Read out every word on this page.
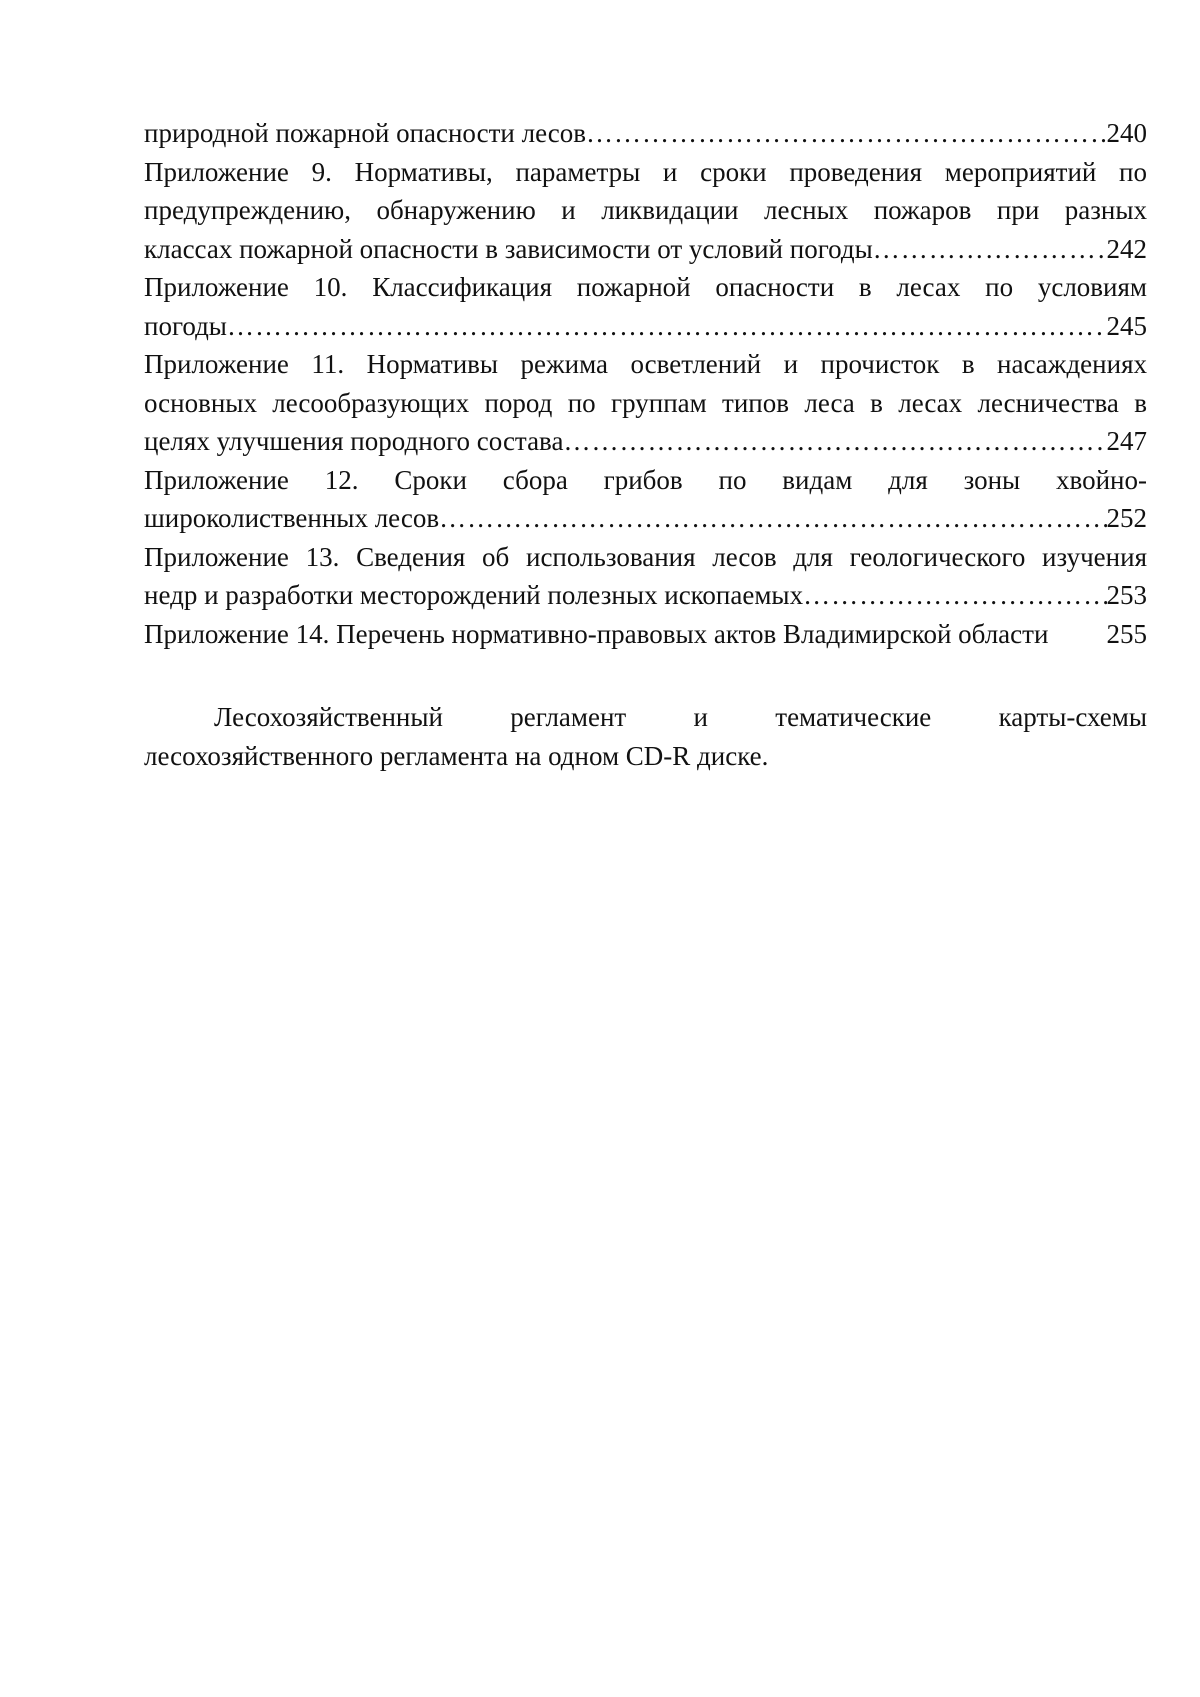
природной пожарной опасности лесов …………………………………………………………………………………………………………………………………………………………………………………	240
Приложение 9. Нормативы, параметры и сроки проведения мероприятий по
предупреждению, обнаружению и ликвидации лесных пожаров при разных
классах пожарной опасности в зависимости от условий погоды …………………………………………………………………………………………………………………………………………………………………………………	242
Приложение 10. Классификация пожарной опасности в лесах по условиям
погоды …………………………………………………………………………………………………………………………………………………………………………………	245
Приложение 11. Нормативы режима осветлений и прочисток в насаждениях
основных лесообразующих пород по группам типов леса в лесах лесничества в
целях улучшения породного состава …………………………………………………………………………………………………………………………………………………………………………………	247
Приложение 12. Сроки сбора грибов по видам для зоны хвойно-
широколиственных лесов …………………………………………………………………………………………………………………………………………………………………………………	252
Приложение 13. Сведения об использования лесов для геологического изучения
недр и разработки месторождений полезных ископаемых …………………………………………………………………………………………………………………………………………………………………………………	253
Приложение 14. Перечень нормативно-правовых актов Владимирской области 255
Лесохозяйственный регламент и тематические карты-схемы
лесохозяйственного регламента на одном CD-R диске.
